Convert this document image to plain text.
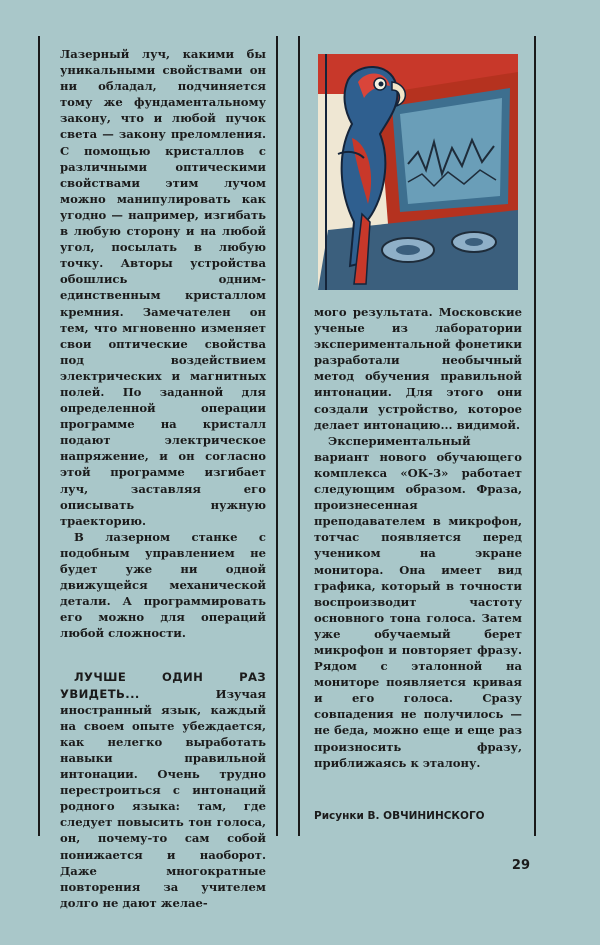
Лазерный луч, какими бы уникальными свойствами он ни обладал, подчиняется тому же фундаментальному закону, что и любой пучок света — закону преломления. С помощью кристаллов с различными оптическими свойствами этим лучом можно манипулировать как угодно — например, изгибать в любую сторону и на любой угол, посылать в любую точку. Авторы устройства обошлись одним-единственным кристаллом кремния. Замечателен он тем, что мгновенно изменяет свои оптические свойства под воздействием электрических и магнитных полей. По заданной для определенной операции программе на кристалл подают электрическое напряжение, и он согласно этой программе изгибает луч, заставляя его описывать нужную траекторию.

В лазерном станке с подобным управлением не будет уже ни одной движущейся механической детали. А программировать его можно для операций любой сложности.

ЛУЧШЕ ОДИН РАЗ УВИДЕТЬ...	Изучая иностранный язык, каждый на своем опыте убеждается, как нелегко выработать навыки правильной интонации. Очень трудно перестроиться с интонаций родного языка: там, где следует повысить тон голоса, он, почему-то сам собой понижается и наоборот. Даже многократные повторения за учителем долго не дают желае-

мого результата. Московские ученые из лаборатории экспериментальной фонетики разработали необычный метод обучения правильной интонации. Для этого они создали устройство, которое делает интонацию... видимой.

Экспериментальный вариант нового обучающего комплекса «ОК-3» работает следующим образом. Фраза, произнесенная преподавателем в микрофон, тотчас появляется перед учеником на экране монитора. Она имеет вид графика, который в точности воспроизводит частоту основного тона голоса. Затем уже обучаемый берет микрофон и повторяет фразу. Рядом с эталонной на мониторе появляется кривая и его голоса. Сразу совпадения не получилось — не беда, можно еще и еще раз произносить фразу, приближаясь к эталону.

Рисунки В. ОВЧИНИНСКОГО
29
